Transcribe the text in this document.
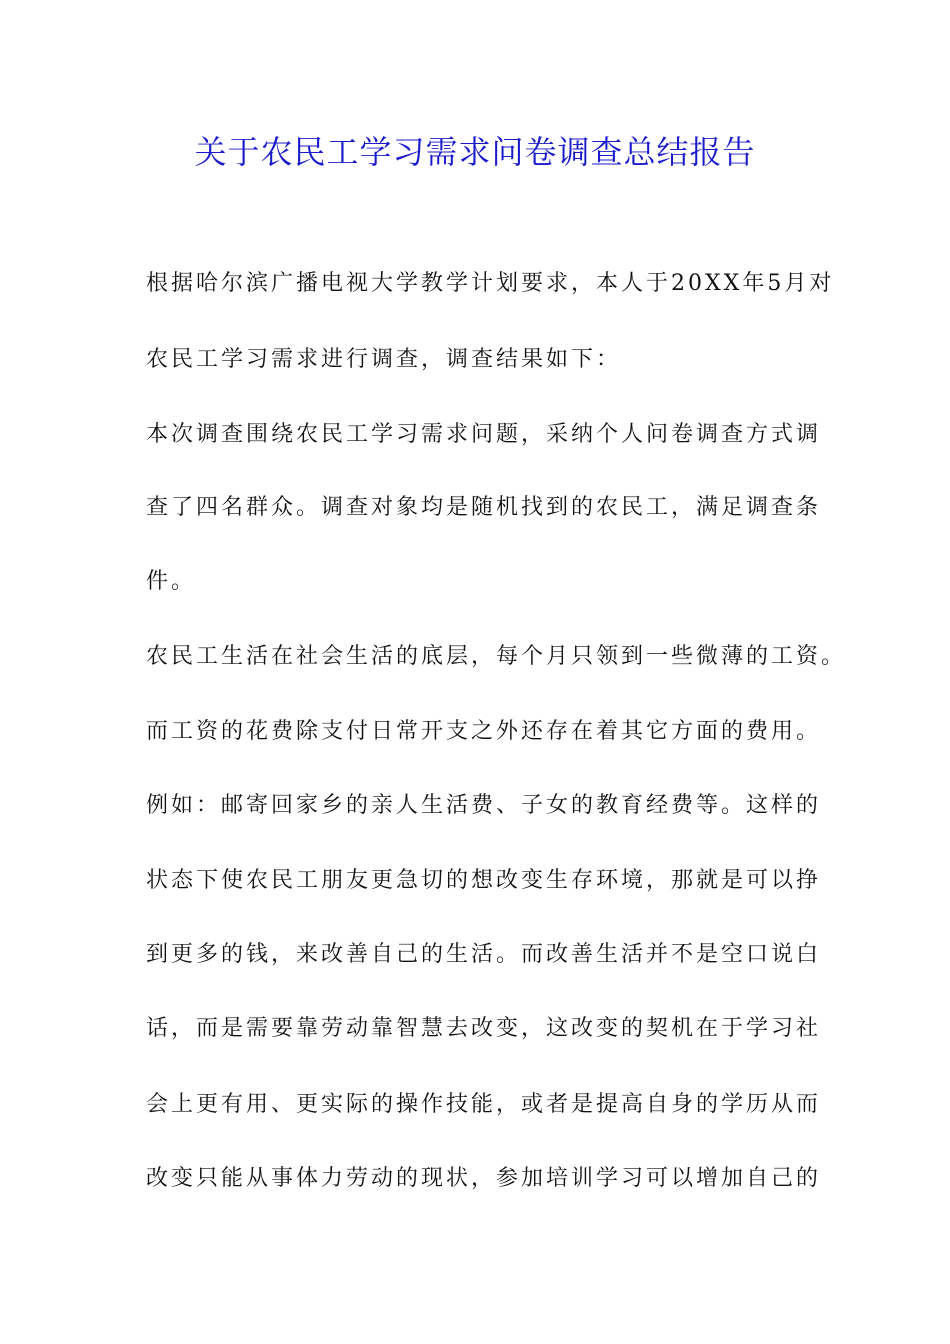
关于农民工学习需求问卷调查总结报告
根据哈尔滨广播电视大学教学计划要求，本人于20XX年5月对
农民工学习需求进行调查，调查结果如下：
本次调查围绕农民工学习需求问题，采纳个人问卷调查方式调
查了四名群众。调查对象均是随机找到的农民工，满足调查条
件。
农民工生活在社会生活的底层，每个月只领到一些微薄的工资。
而工资的花费除支付日常开支之外还存在着其它方面的费用。
例如：邮寄回家乡的亲人生活费、子女的教育经费等。这样的
状态下使农民工朋友更急切的想改变生存环境，那就是可以挣
到更多的钱，来改善自己的生活。而改善生活并不是空口说白
话，而是需要靠劳动靠智慧去改变，这改变的契机在于学习社
会上更有用、更实际的操作技能，或者是提高自身的学历从而
改变只能从事体力劳动的现状，参加培训学习可以增加自己的
